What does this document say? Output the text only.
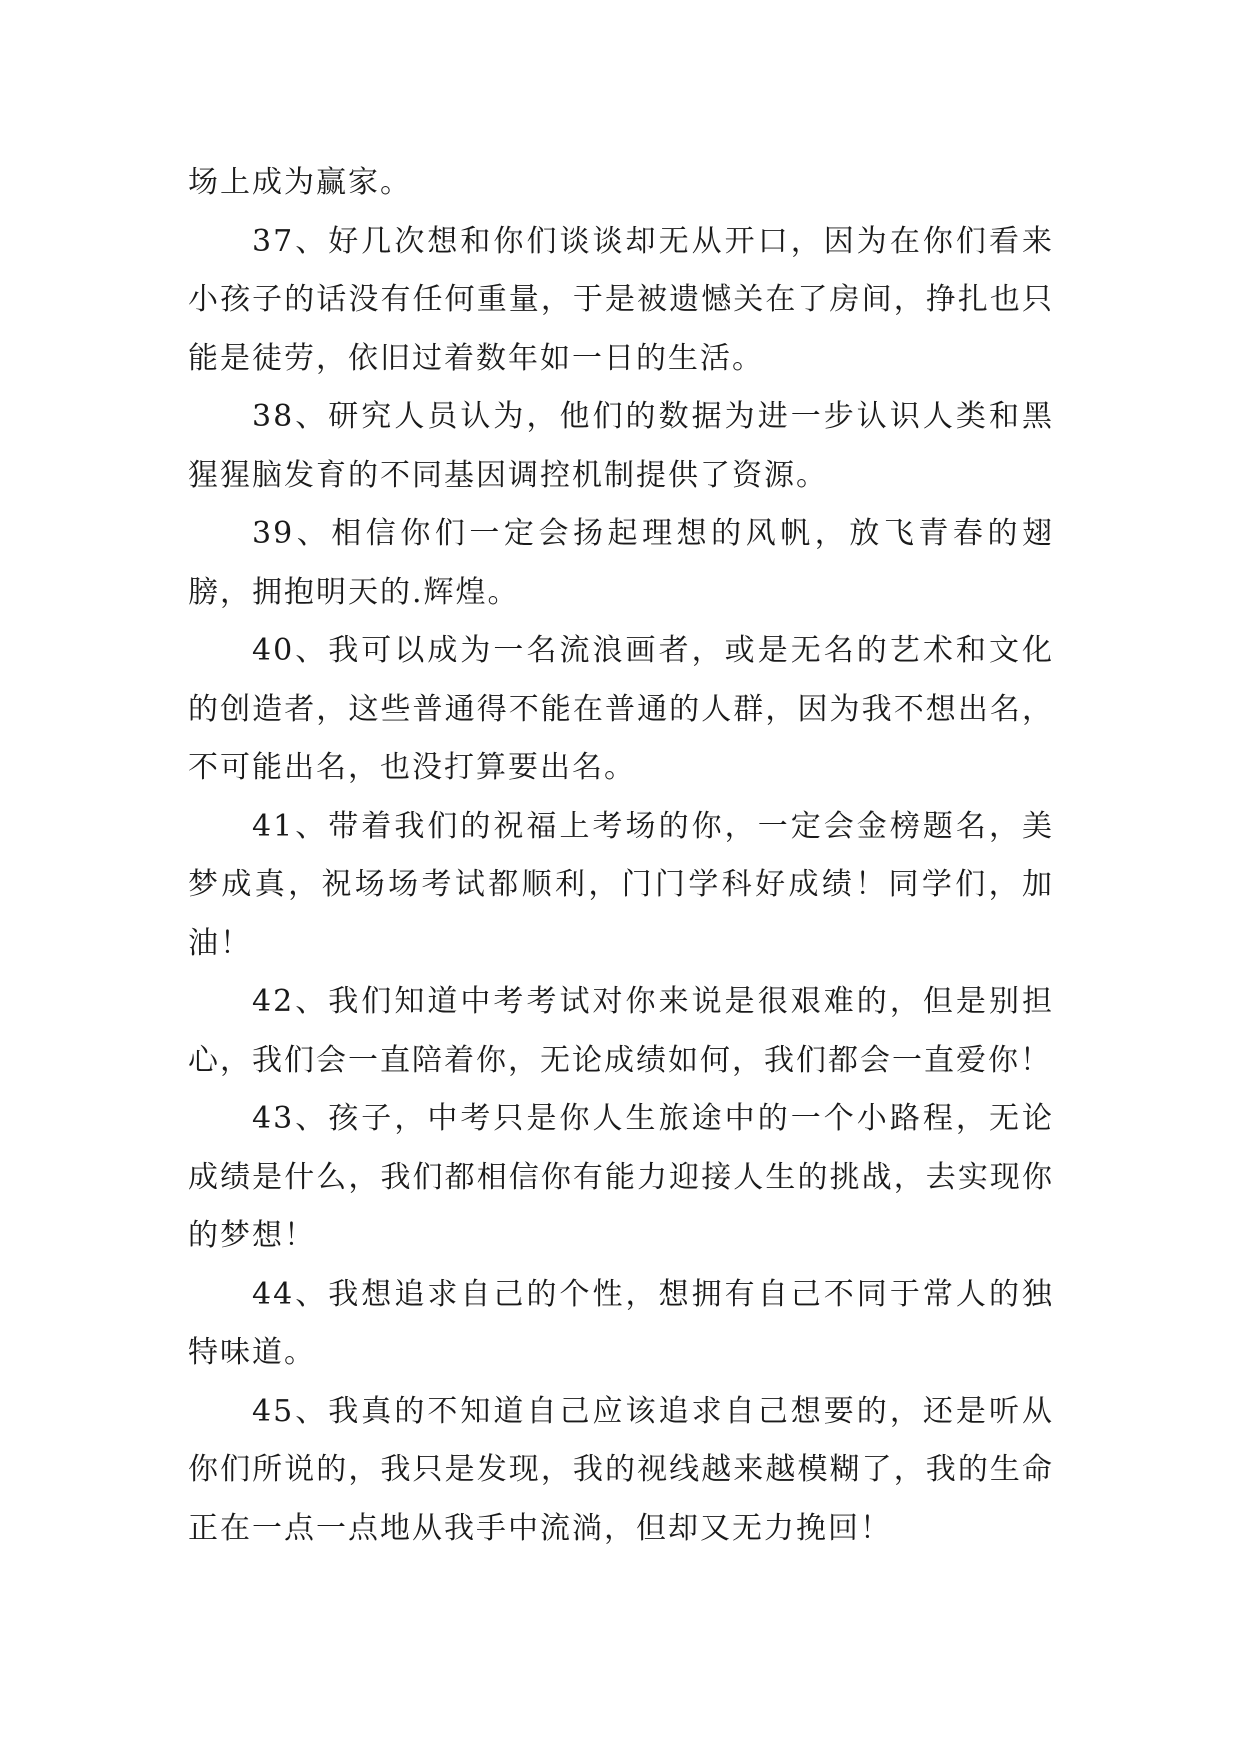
场上成为赢家。

37、好几次想和你们谈谈却无从开口，因为在你们看来小孩子的话没有任何重量，于是被遗憾关在了房间，挣扎也只能是徒劳，依旧过着数年如一日的生活。

38、研究人员认为，他们的数据为进一步认识人类和黑猩猩脑发育的不同基因调控机制提供了资源。

39、相信你们一定会扬起理想的风帆，放飞青春的翅膀，拥抱明天的.辉煌。

40、我可以成为一名流浪画者，或是无名的艺术和文化的创造者，这些普通得不能在普通的人群，因为我不想出名，不可能出名，也没打算要出名。

41、带着我们的祝福上考场的你，一定会金榜题名，美梦成真，祝场场考试都顺利，门门学科好成绩！同学们，加油！

42、我们知道中考考试对你来说是很艰难的，但是别担心，我们会一直陪着你，无论成绩如何，我们都会一直爱你！

43、孩子，中考只是你人生旅途中的一个小路程，无论成绩是什么，我们都相信你有能力迎接人生的挑战，去实现你的梦想！

44、我想追求自己的个性，想拥有自己不同于常人的独特味道。

45、我真的不知道自己应该追求自己想要的，还是听从你们所说的，我只是发现，我的视线越来越模糊了，我的生命正在一点一点地从我手中流淌，但却又无力挽回！
